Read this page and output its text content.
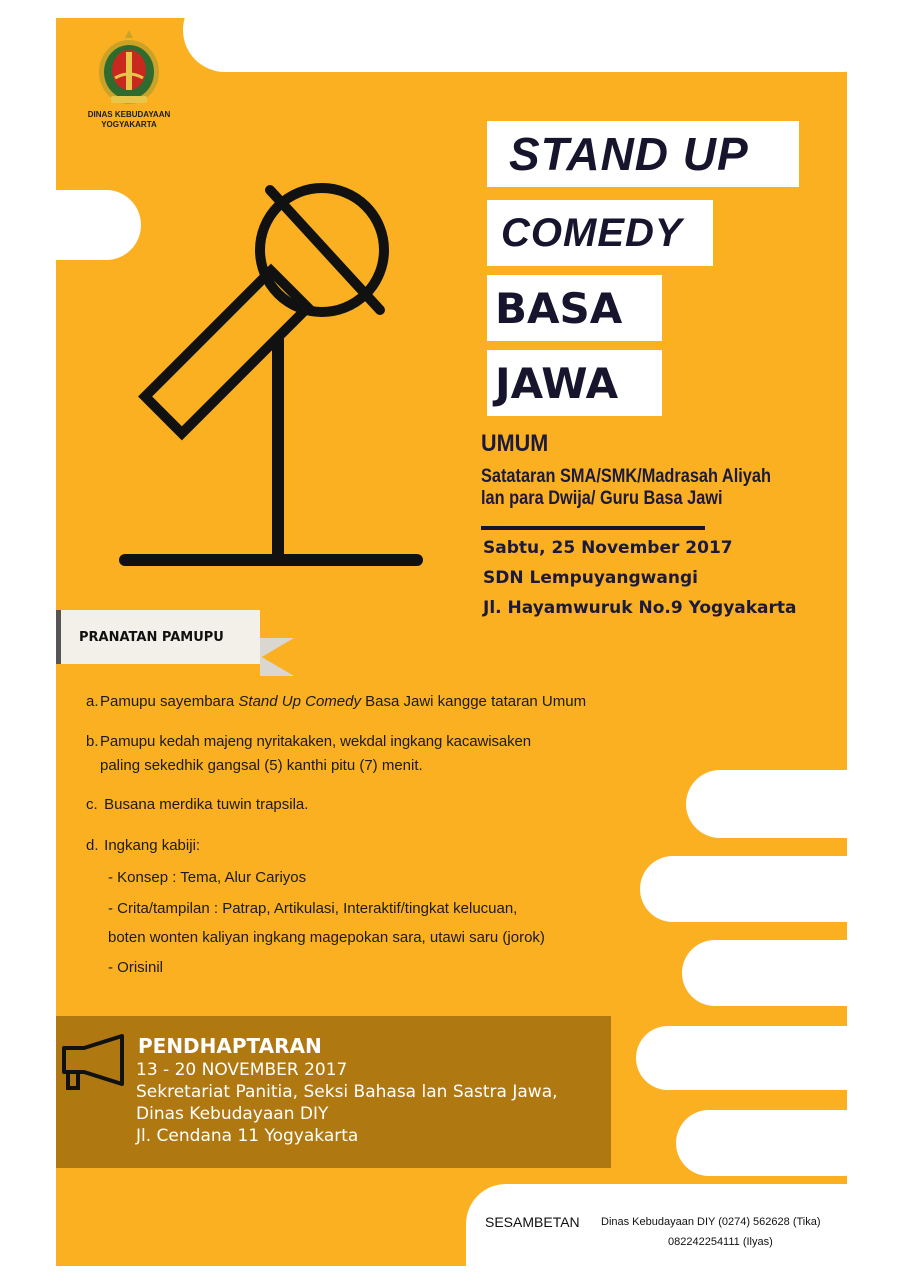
DINAS KEBUDAYAAN
YOGYAKARTA
STAND UP
COMEDY
BASA
JAWA
UMUM
Satataran SMA/SMK/Madrasah Aliyah
lan para Dwija/ Guru Basa Jawi
Sabtu, 25 November 2017
SDN Lempuyangwangi
Jl. Hayamwuruk No.9 Yogyakarta
PRANATAN PAMUPU
a.Pamupu sayembara Stand Up Comedy Basa Jawi kangge tataran Umum
b. Pamupu kedah majeng nyritakaken, wekdal ingkang kacawisaken
paling sekedhik gangsal (5) kanthi pitu (7) menit.
c. Busana merdika tuwin trapsila.
d. Ingkang kabiji:
- Konsep : Tema, Alur Cariyos
- Crita/tampilan : Patrap, Artikulasi, Interaktif/tingkat kelucuan,
boten wonten kaliyan ingkang magepokan sara, utawi saru (jorok)
- Orisinil
PENDHAPTARAN
13 - 20 NOVEMBER 2017
Sekretariat Panitia, Seksi Bahasa lan Sastra Jawa,
Dinas Kebudayaan DIY
Jl. Cendana 11 Yogyakarta
SESAMBETAN Dinas Kebudayaan DIY (0274) 562628 (Tika)
082242254111 (Ilyas)
